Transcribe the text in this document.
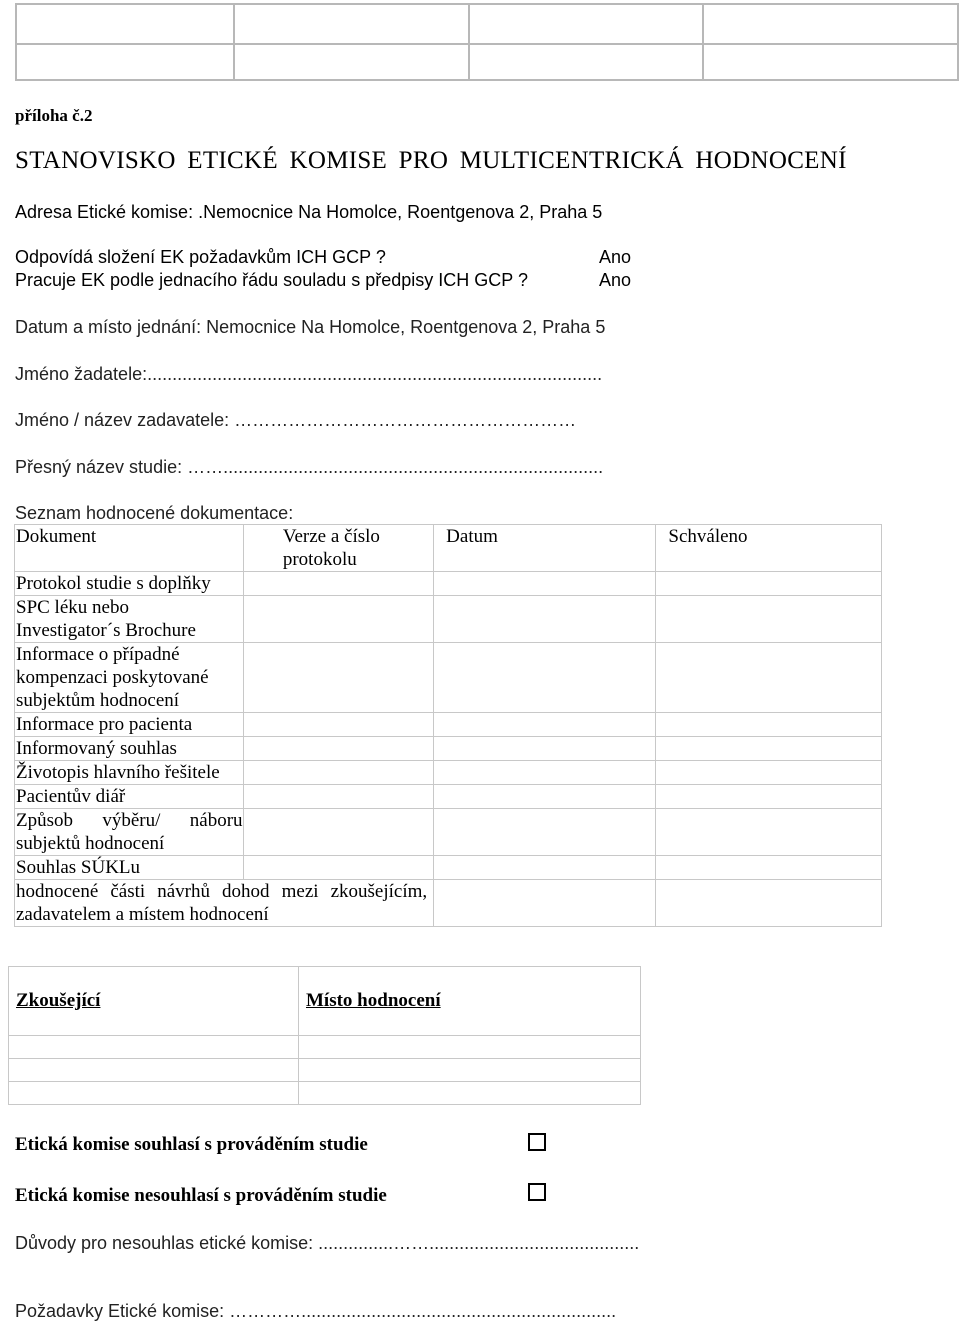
příloha č.2
STANOVISKO ETICKÉ KOMISE PRO MULTICENTRICKÁ HODNOCENÍ
Adresa Etické komise: .Nemocnice Na Homolce, Roentgenova 2, Praha 5
Odpovídá složení EK požadavkům ICH GCP ?	Ano
Pracuje EK podle jednacího řádu souladu s předpisy ICH GCP ?	Ano
Datum a místo jednání: Nemocnice Na Homolce, Roentgenova 2, Praha 5
Jméno žadatele:...........................................................................................
Jméno / název zadavatele: …………………………………………………
Přesný název studie: ……............................................................................
Seznam hodnocené dokumentace:
Dokument	Verze a číslo protokolu	Datum	Schváleno
Protokol studie s doplňky			
SPC léku nebo Investigator´s Brochure			
Informace o případné kompenzaci poskytované subjektům hodnocení			
Informace pro pacienta			
Informovaný souhlas			
Životopis hlavního řešitele			
Pacientův diář			
Způsob výběru/ náboru subjektů hodnocení			
Souhlas SÚKLu			
hodnocené části návrhů dohod mezi zkoušejícím, zadavatelem a místem hodnocení			
Zkoušející	Místo hodnocení

Etická komise souhlasí s prováděním studie
Etická komise nesouhlasí s prováděním studie
Důvody pro nesouhlas etické komise: ...............……..........................................
Požadavky Etické komise: …………...............................................................
